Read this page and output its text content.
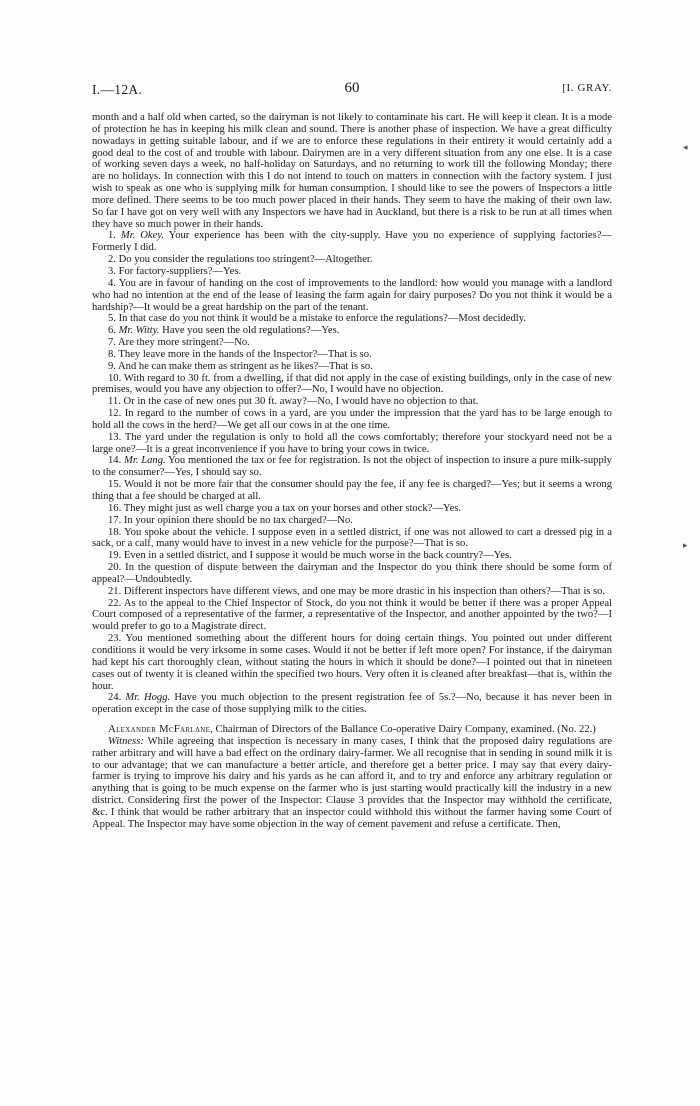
I.—12A.	60	[I. GRAY.
◂
▸

month and a half old when carted, so the dairyman is not likely to contaminate his cart. He will keep it clean. It is a mode of protection he has in keeping his milk clean and sound. There is another phase of inspection. We have a great difficulty nowadays in getting suitable labour, and if we are to enforce these regulations in their entirety it would certainly add a good deal to the cost of and trouble with labour. Dairymen are in a very different situation from any one else. It is a case of working seven days a week, no half-holiday on Saturdays, and no returning to work till the following Monday; there are no holidays. In connection with this I do not intend to touch on matters in connection with the factory system. I just wish to speak as one who is supplying milk for human consumption. I should like to see the powers of Inspectors a little more defined. There seems to be too much power placed in their hands. They seem to have the making of their own law. So far I have got on very well with any Inspectors we have had in Auckland, but there is a risk to be run at all times when they have so much power in their hands.

1. Mr. Okey. Your experience has been with the city-supply. Have you no experience of supplying factories?—Formerly I did.

2. Do you consider the regulations too stringent?—Altogether.

3. For factory-suppliers?—Yes.

4. You are in favour of handing on the cost of improvements to the landlord: how would you manage with a landlord who had no intention at the end of the lease of leasing the farm again for dairy purposes? Do you not think it would be a hardship?—It would be a great hardship on the part of the tenant.

5. In that case do you not think it would be a mistake to enforce the regulations?—Most decidedly.

6. Mr. Witty. Have you seen the old regulations?—Yes.

7. Are they more stringent?—No.

8. They leave more in the hands of the Inspector?—That is so.

9. And he can make them as stringent as he likes?—That is so.

10. With regard to 30 ft. from a dwelling, if that did not apply in the case of existing buildings, only in the case of new premises, would you have any objection to offer?—No, I would have no objection.

11. Or in the case of new ones put 30 ft. away?—No, I would have no objection to that.

12. In regard to the number of cows in a yard, are you under the impression that the yard has to be large enough to hold all the cows in the herd?—We get all our cows in at the one time.

13. The yard under the regulation is only to hold all the cows comfortably; therefore your stockyard need not be a large one?—It is a great inconvenience if you have to bring your cows in twice.

14. Mr. Lang. You mentioned the tax or fee for registration. Is not the object of inspection to insure a pure milk-supply to the consumer?—Yes, I should say so.

15. Would it not be more fair that the consumer should pay the fee, if any fee is charged?—Yes; but it seems a wrong thing that a fee should be charged at all.

16. They might just as well charge you a tax on your horses and other stock?—Yes.

17. In your opinion there should be no tax charged?—No.

18. You spoke about the vehicle. I suppose even in a settled district, if one was not allowed to cart a dressed pig in a sack, or a calf, many would have to invest in a new vehicle for the purpose?—That is so.

19. Even in a settled district, and I suppose it would be much worse in the back country?—Yes.

20. In the question of dispute between the dairyman and the Inspector do you think there should be some form of appeal?—Undoubtedly.

21. Different inspectors have different views, and one may be more drastic in his inspection than others?—That is so.

22. As to the appeal to the Chief Inspector of Stock, do you not think it would be better if there was a proper Appeal Court composed of a representative of the farmer, a representative of the Inspector, and another appointed by the two?—I would prefer to go to a Magistrate direct.

23. You mentioned something about the different hours for doing certain things. You pointed out under different conditions it would be very irksome in some cases. Would it not be better if left more open? For instance, if the dairyman had kept his cart thoroughly clean, without stating the hours in which it should be done?—I pointed out that in nineteen cases out of twenty it is cleaned within the specified two hours. Very often it is cleaned after breakfast—that is, within the hour.

24. Mr. Hogg. Have you much objection to the present registration fee of 5s.?—No, because it has never been in operation except in the case of those supplying milk to the cities.

Alexander McFarlane, Chairman of Directors of the Ballance Co-operative Dairy Company, examined. (No. 22.)

Witness: While agreeing that inspection is necessary in many cases, I think that the proposed dairy regulations are rather arbitrary and will have a bad effect on the ordinary dairy-farmer. We all recognise that in sending in sound milk it is to our advantage; that we can manufacture a better article, and therefore get a better price. I may say that every dairy-farmer is trying to improve his dairy and his yards as he can afford it, and to try and enforce any arbitrary regulation or anything that is going to be much expense on the farmer who is just starting would practically kill the industry in a new district. Considering first the power of the Inspector: Clause 3 provides that the Inspector may withhold the certificate, &c. I think that would be rather arbitrary that an inspector could withhold this without the farmer having some Court of Appeal. The Inspector may have some objection in the way of cement pavement and refuse a certificate. Then,
